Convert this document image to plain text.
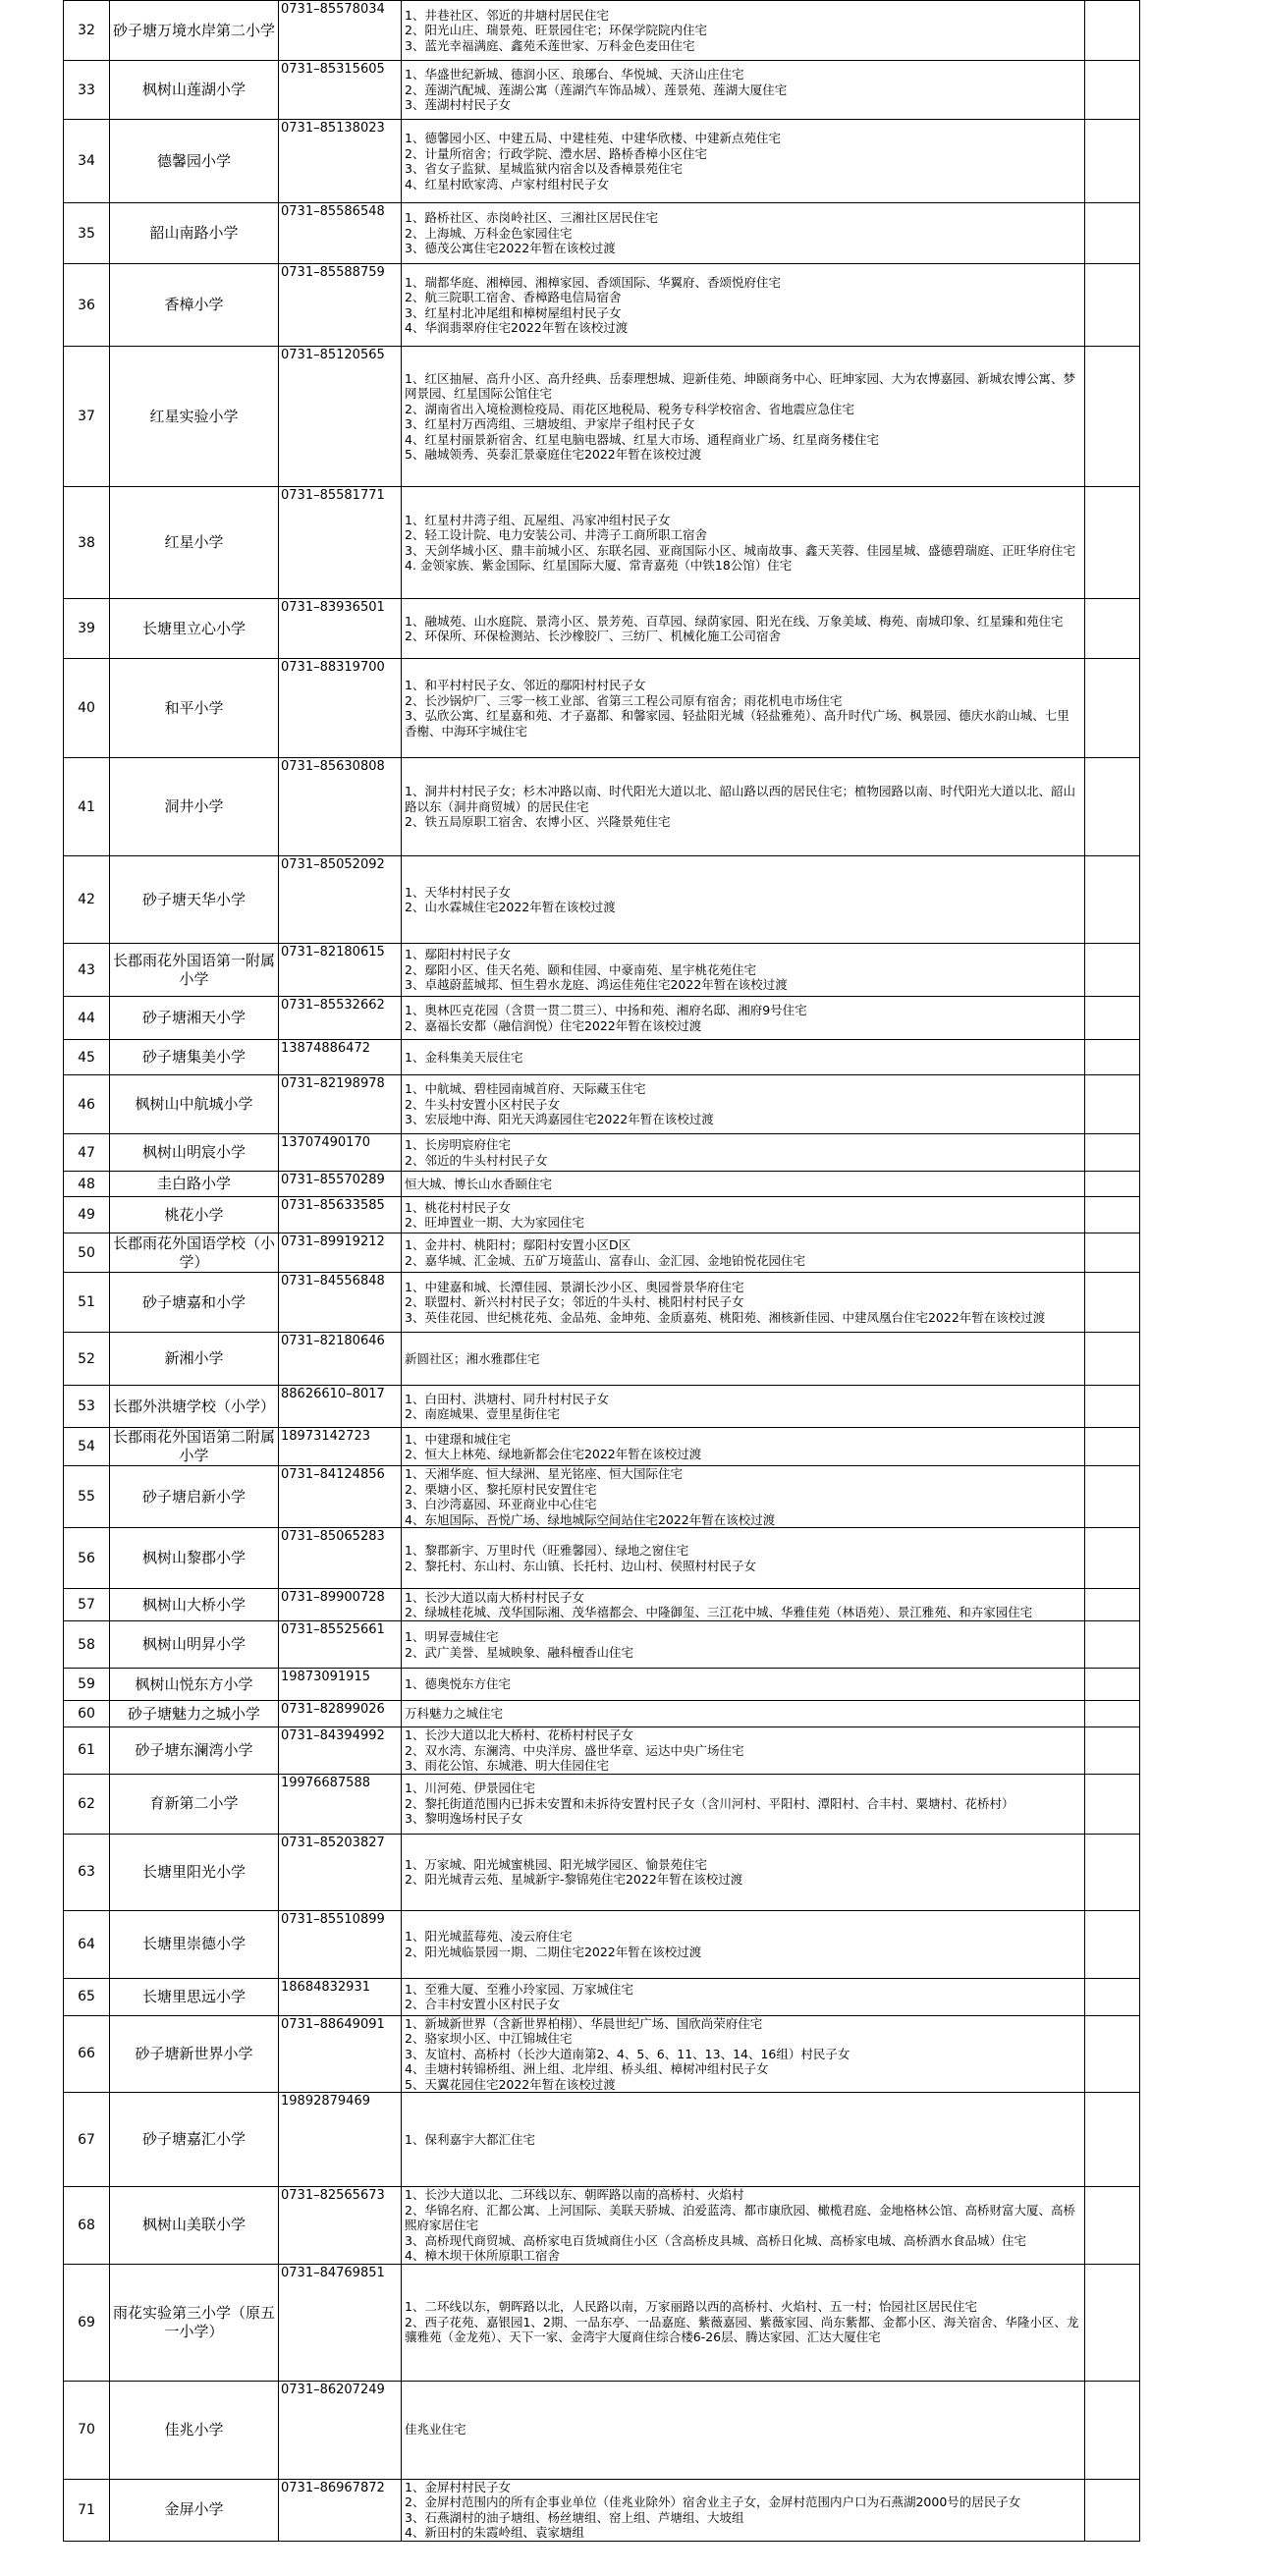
32	砂子塘万境水岸第二小学	0731–85578034	1、井巷社区、邻近的井塘村居民住宅
2、阳光山庄、瑞景苑、旺景园住宅；环保学院院内住宅
3、蓝光幸福满庭、鑫苑禾莲世家、万科金色麦田住宅	

33	枫树山莲湖小学	0731–85315605	1、华盛世纪新城、德润小区、琅琊台、华悦城、天济山庄住宅
2、莲湖汽配城、莲湖公寓（莲湖汽车饰品城）、莲景苑、莲湖大厦住宅
3、莲湖村村民子女	

34	德馨园小学	0731–85138023	1、德馨园小区、中建五局、中建桂苑、中建华欣楼、中建新点苑住宅
2、计量所宿舍；行政学院、澧水居、路桥香樟小区住宅
3、省女子监狱、星城监狱内宿舍以及香樟景苑住宅
4、红星村欧家湾、卢家村组村民子女	

35	韶山南路小学	0731–85586548	1、路桥社区、赤岗岭社区、三湘社区居民住宅
2、上海城、万科金色家园住宅
3、德茂公寓住宅2022年暂在该校过渡	

36	香樟小学	0731–85588759	1、瑞都华庭、湘樟园、湘樟家园、香颂国际、华翼府、香颂悦府住宅
2、航三院职工宿舍、香樟路电信局宿舍
3、红星村北冲尾组和樟树屋组村民子女
4、华润翡翠府住宅2022年暂在该校过渡	

37	红星实验小学	0731–85120565	1、红区抽屉、高升小区、高升经典、岳泰理想城、迎新佳苑、坤颐商务中心、旺坤家园、大为农博嘉园、新城农博公寓、梦网景园、红星国际公馆住宅
2、湖南省出入境检测检疫局、雨花区地税局、税务专科学校宿舍、省地震应急住宅
3、红星村万西湾组、三塘坡组、尹家岸子组村民子女
4、红星村丽景新宿舍、红星电脑电器城、红星大市场、通程商业广场、红星商务楼住宅
5、融城领秀、英泰汇景豪庭住宅2022年暂在该校过渡	

38	红星小学	0731–85581771	1、红星村井湾子组、瓦屋组、冯家冲组村民子女
2、轻工设计院、电力安装公司、井湾子工商所职工宿舍
3、天剑华城小区、鼎丰前城小区、东联名园、亚商国际小区、城南故事、鑫天芙蓉、佳园星城、盛德碧瑞庭、正旺华府住宅
4. 金领家族、紫金国际、红星国际大厦、常青嘉苑（中铁18公馆）住宅	

39	长塘里立心小学	0731–83936501	1、融城苑、山水庭院、景湾小区、景芳苑、百草园、绿荫家园、阳光在线、万象美域、梅苑、南城印象、红星臻和苑住宅
2、环保所、环保检测站、长沙橡胶厂、三纺厂、机械化施工公司宿舍	

40	和平小学	0731–88319700	1、和平村村民子女、邻近的鄢阳村村民子女
2、长沙锅炉厂、三零一核工业部、省第三工程公司原有宿舍；雨花机电市场住宅
3、弘欣公寓、红星嘉和苑、才子嘉都、和馨家园、轻盐阳光城（轻盐雅苑）、高升时代广场、枫景园、德庆水韵山城、七里香榭、中海环宇城住宅	

41	洞井小学	0731–85630808	1、洞井村村民子女；杉木冲路以南、时代阳光大道以北、韶山路以西的居民住宅；植物园路以南、时代阳光大道以北、韶山路以东（洞井商贸城）的居民住宅
2、铁五局原职工宿舍、农博小区、兴隆景苑住宅	

42	砂子塘天华小学	0731–85052092	1、天华村村民子女
2、山水霖城住宅2022年暂在该校过渡	

43	长郡雨花外国语第一附属小学	0731–82180615	1、鄢阳村村民子女
2、鄢阳小区、佳天名苑、颐和佳园、中豪南苑、星宇桃花苑住宅
3、卓越蔚蓝城邦、恒生碧水龙庭、鸿运佳苑住宅2022年暂在该校过渡	

44	砂子塘湘天小学	0731–85532662	1、奥林匹克花园（含贯一贯二贯三）、中扬和苑、湘府名邸、湘府9号住宅
2、嘉福长安都（融信润悦）住宅2022年暂在该校过渡	

45	砂子塘集美小学	13874886472	1、金科集美天辰住宅	

46	枫树山中航城小学	0731–82198978	1、中航城、碧桂园南城首府、天际藏玉住宅
2、牛头村安置小区村民子女
3、宏辰地中海、阳光天鸿嘉园住宅2022年暂在该校过渡	

47	枫树山明宸小学	13707490170	1、长房明宸府住宅
2、邻近的牛头村村民子女	

48	圭白路小学	0731–85570289	恒大城、博长山水香颐住宅	

49	桃花小学	0731–85633585	1、桃花村村民子女
2、旺坤置业一期、大为家园住宅	

50	长郡雨花外国语学校（小学）	0731–89919212	1、金井村、桃阳村；鄢阳村安置小区D区
2、嘉华城、汇金城、五矿万境蓝山、富春山、金汇园、金地铂悦花园住宅	

51	砂子塘嘉和小学	0731–84556848	1、中建嘉和城、长潭佳园、景湖长沙小区、奥园誉景华府住宅
2、联盟村、新兴村村民子女；邻近的牛头村、桃阳村村民子女
3、英佳花园、世纪桃花苑、金品苑、金坤苑、金质嘉苑、桃阳苑、湘核新佳园、中建凤凰台住宅2022年暂在该校过渡	

52	新湘小学	0731–82180646	新圆社区；湘水雅郡住宅	

53	长郡外洪塘学校（小学）	88626610–8017	1、白田村、洪塘村、同升村村民子女
2、南庭城果、壹里星街住宅	

54	长郡雨花外国语第二附属小学	18973142723	1、中建璟和城住宅
2、恒大上林苑、绿地新都会住宅2022年暂在该校过渡	

55	砂子塘启新小学	0731–84124856	1、天湘华庭、恒大绿洲、星光铭座、恒大国际住宅
2、栗塘小区、黎托原村民安置住宅
3、白沙湾嘉园、环亚商业中心住宅
4、东旭国际、吾悦广场、绿地城际空间站住宅2022年暂在该校过渡	

56	枫树山黎郡小学	0731–85065283	1、黎郡新宇、万里时代（旺雅馨园）、绿地之窗住宅
2、黎托村、东山村、东山镇、长托村、边山村、侯照村村民子女	

57	枫树山大桥小学	0731–89900728	1、长沙大道以南大桥村村民子女
2、绿城桂花城、茂华国际湘、茂华禧都会、中隆御玺、三江花中城、华雅佳苑（林语苑）、景江雅苑、和卉家园住宅	

58	枫树山明昇小学	0731–85525661	1、明昇壹城住宅
2、武广美誉、星城映象、融科檀香山住宅	

59	枫树山悦东方小学	19873091915	1、德奥悦东方住宅	

60	砂子塘魅力之城小学	0731–82899026	万科魅力之城住宅	

61	砂子塘东澜湾小学	0731–84394992	1、长沙大道以北大桥村、花桥村村民子女
2、双水湾、东澜湾、中央洋房、盛世华章、运达中央广场住宅
3、雨花公馆、东城港、明大佳园住宅	

62	育新第二小学	19976687588	1、川河苑、伊景园住宅
2、黎托街道范围内已拆未安置和未拆待安置村民子女（含川河村、平阳村、潭阳村、合丰村、粟塘村、花桥村）
3、黎明逸场村民子女	

63	长塘里阳光小学	0731–85203827	1、万家城、阳光城蜜桃园、阳光城学园区、愉景苑住宅
2、阳光城青云苑、星城新宇-黎锦苑住宅2022年暂在该校过渡	

64	长塘里崇德小学	0731–85510899	1、阳光城蓝莓苑、凌云府住宅
2、阳光城临景园一期、二期住宅2022年暂在该校过渡	

65	长塘里思远小学	18684832931	1、至雅大厦、至雅小玲家园、万家城住宅
2、合丰村安置小区村民子女	

66	砂子塘新世界小学	0731–88649091	1、新城新世界（含新世界柏栩）、华晨世纪广场、国欣尚荣府住宅
2、骆家坝小区、中江锦城住宅
3、友谊村、高桥村（长沙大道南第2、4、5、6、11、13、14、16组）村民子女
4、圭塘村转锦桥组、洲上组、北岸组、桥头组、樟树冲组村民子女
5、天翼花园住宅2022年暂在该校过渡	

67	砂子塘嘉汇小学	19892879469	1、保利嘉宇大都汇住宅	

68	枫树山美联小学	0731–82565673	1、长沙大道以北、二环线以东、朝晖路以南的高桥村、火焰村
2、华锦名府、汇都公寓、上河国际、美联天骄城、泊爱蓝湾、都市康欣园、橄榄君庭、金地格林公馆、高桥财富大厦、高桥熙府家居住宅
3、高桥现代商贸城、高桥家电百货城商住小区（含高桥皮具城、高桥日化城、高桥家电城、高桥酒水食品城）住宅
4、樟木坝干休所原职工宿舍	

69	雨花实验第三小学（原五一小学）	0731–84769851	1、二环线以东，朝晖路以北，人民路以南，万家丽路以西的高桥村、火焰村、五一村；怡园社区居民住宅
2、西子花苑、嘉银园1、2期、一品东亭、一品嘉庭、紫薇嘉园、紫薇家园、尚东紫都、金都小区、海关宿舍、华隆小区、龙骧雅苑（金龙苑）、天下一家、金湾宇大厦商住综合楼6-26层、腾达家园、汇达大厦住宅	

70	佳兆小学	0731–86207249	佳兆业住宅	

71	金屏小学	0731–86967872	1、金屏村村民子女
2、金屏村范围内的所有企事业单位（佳兆业除外）宿舍业主子女，金屏村范围内户口为石燕湖2000号的居民子女
3、石燕湖村的油子塘组、杨丝塘组、窑上组、芦塘组、大坡组
4、新田村的朱霞岭组、袁家塘组	
